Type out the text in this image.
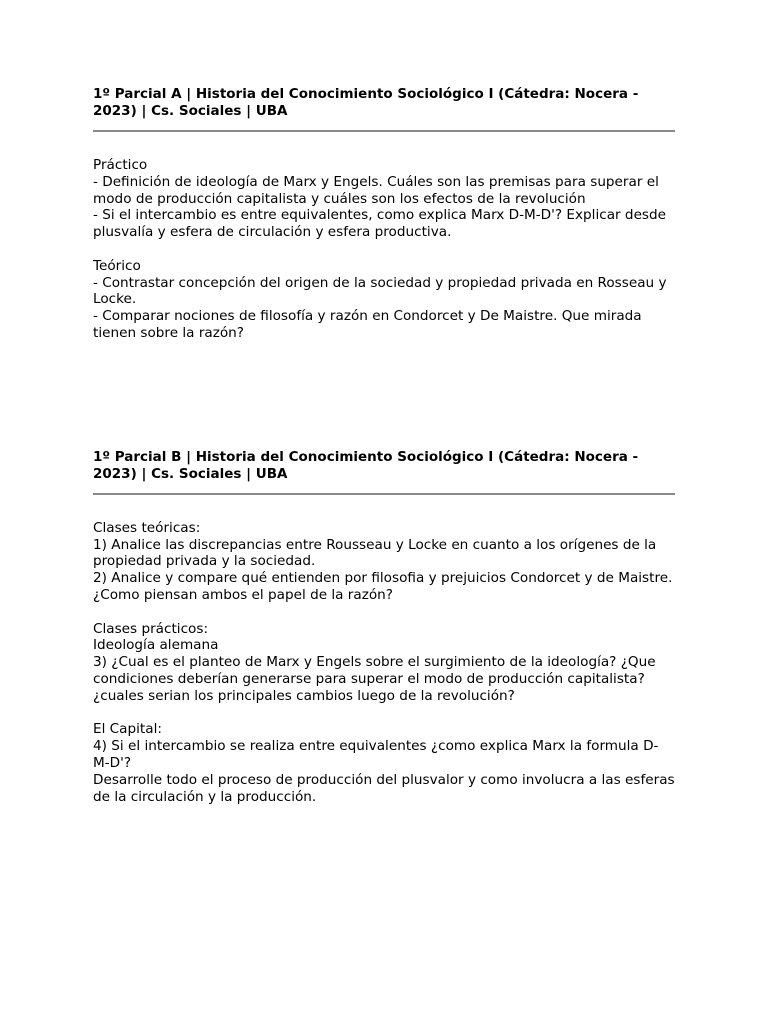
1º Parcial A | Historia del Conocimiento Sociológico I (Cátedra: Nocera - 2023) | Cs. Sociales | UBA

Práctico

- Definición de ideología de Marx y Engels. Cuáles son las premisas para superar el modo de producción capitalista y cuáles son los efectos de la revolución

- Si el intercambio es entre equivalentes, como explica Marx D-M-D'? Explicar desde plusvalía y esfera de circulación y esfera productiva.

Teórico

- Contrastar concepción del origen de la sociedad y propiedad privada en Rosseau y Locke.

- Comparar nociones de filosofía y razón en Condorcet y De Maistre. Que mirada tienen sobre la razón?

1º Parcial B | Historia del Conocimiento Sociológico I (Cátedra: Nocera - 2023) | Cs. Sociales | UBA

Clases teóricas:

1) Analice las discrepancias entre Rousseau y Locke en cuanto a los orígenes de la propiedad privada y la sociedad.

2) Analice y compare qué entienden por filosofia y prejuicios Condorcet y de Maistre. ¿Como piensan ambos el papel de la razón?

Clases prácticos:

Ideología alemana

3) ¿Cual es el planteo de Marx y Engels sobre el surgimiento de la ideología? ¿Que condiciones deberían generarse para superar el modo de producción capitalista?¿cuales serian los principales cambios luego de la revolución?

El Capital:

4) Si el intercambio se realiza entre equivalentes ¿como explica Marx la formula D-M-D'?

Desarrolle todo el proceso de producción del plusvalor y como involucra a las esferas de la circulación y la producción.
